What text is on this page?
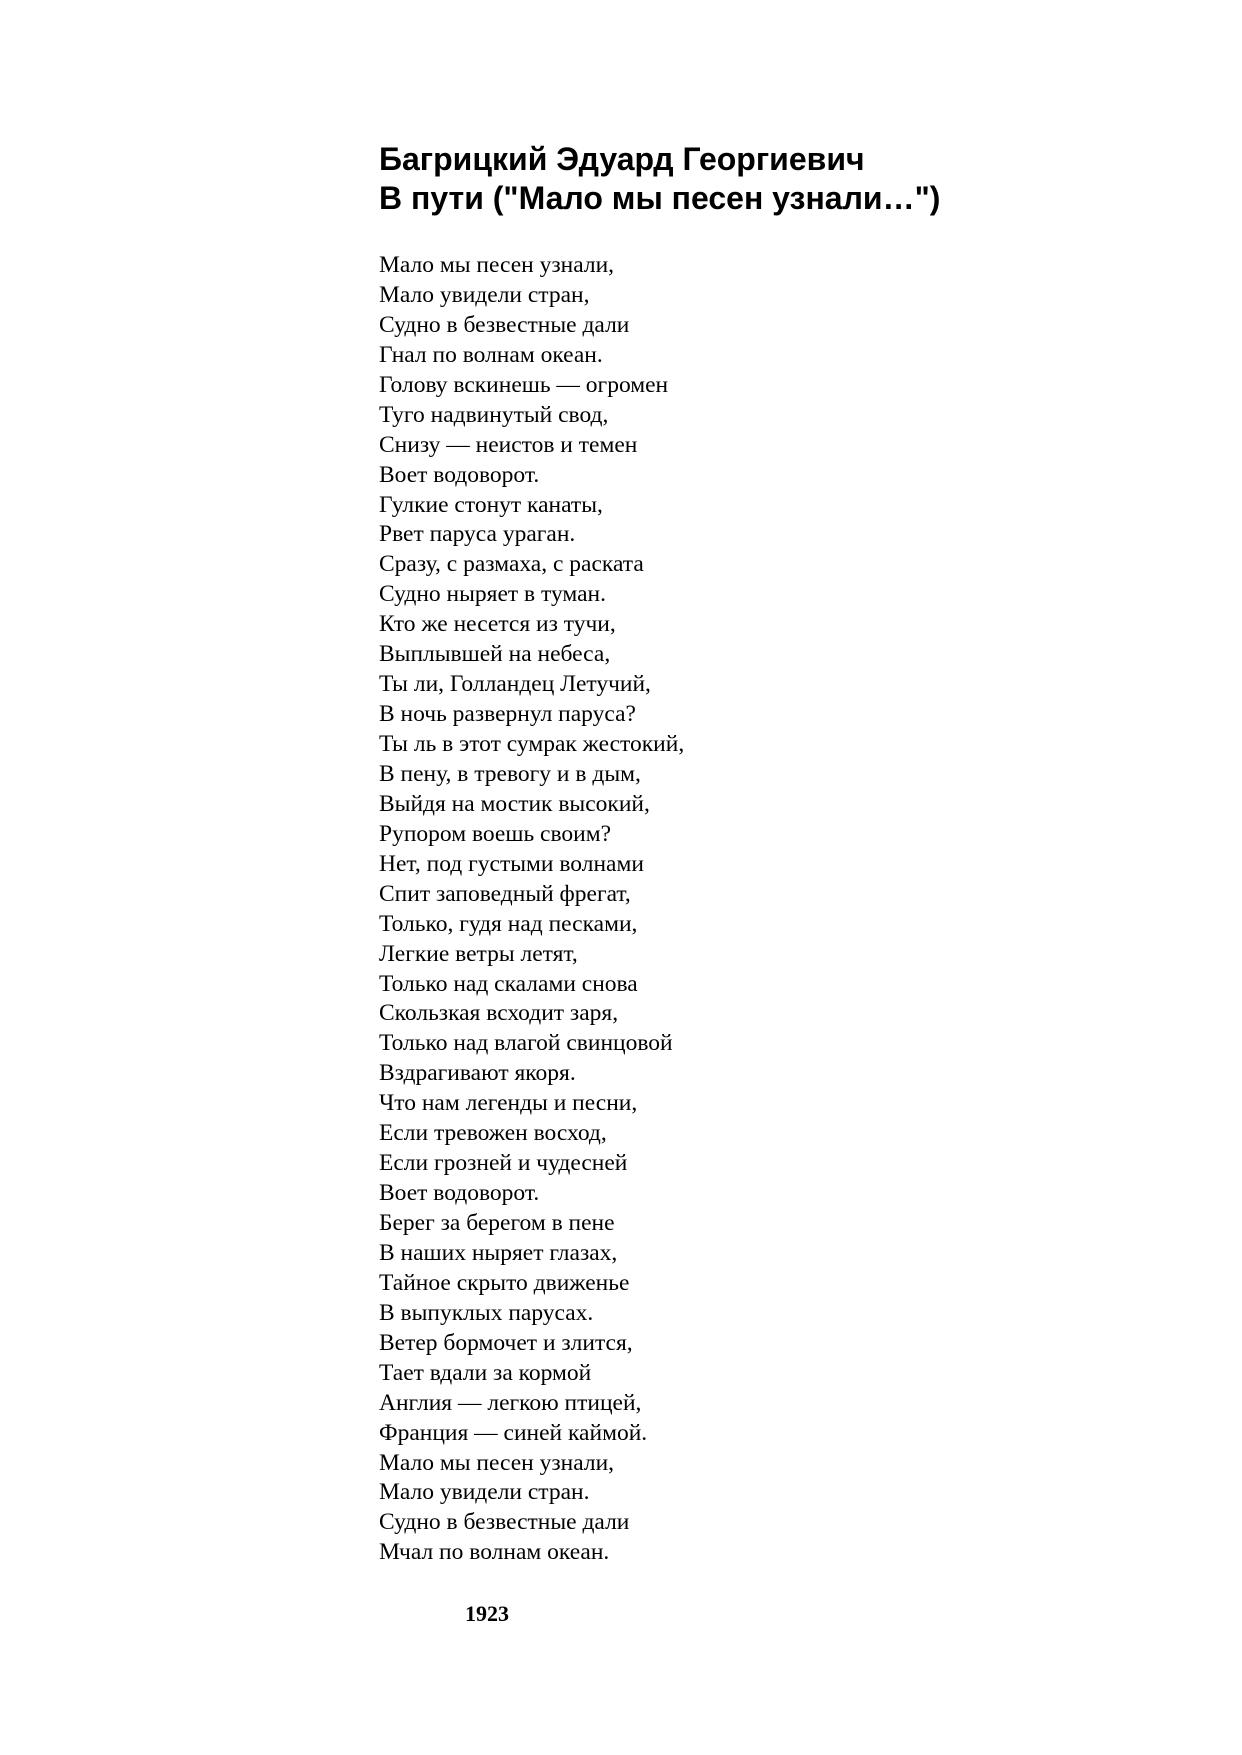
Багрицкий Эдуард Георгиевич
В пути ("Мало мы песен узнали…")
Мало мы песен узнали,
Мало увидели стран,
Судно в безвестные дали
Гнал по волнам океан.
Голову вскинешь — огромен
Туго надвинутый свод,
Снизу — неистов и темен
Воет водоворот.
Гулкие стонут канаты,
Рвет паруса ураган.
Сразу, с размаха, с раската
Судно ныряет в туман.
Кто же несется из тучи,
Выплывшей на небеса,
Ты ли, Голландец Летучий,
В ночь развернул паруса?
Ты ль в этот сумрак жестокий,
В пену, в тревогу и в дым,
Выйдя на мостик высокий,
Рупором воешь своим?
Нет, под густыми волнами
Спит заповедный фрегат,
Только, гудя над песками,
Легкие ветры летят,
Только над скалами снова
Скользкая всходит заря,
Только над влагой свинцовой
Вздрагивают якоря.
Что нам легенды и песни,
Если тревожен восход,
Если грозней и чудесней
Воет водоворот.
Берег за берегом в пене
В наших ныряет глазах,
Тайное скрыто движенье
В выпуклых парусах.
Ветер бормочет и злится,
Тает вдали за кормой
Англия — легкою птицей,
Франция — синей каймой.
Мало мы песен узнали,
Мало увидели стран.
Судно в безвестные дали
Мчал по волнам океан.
1923
